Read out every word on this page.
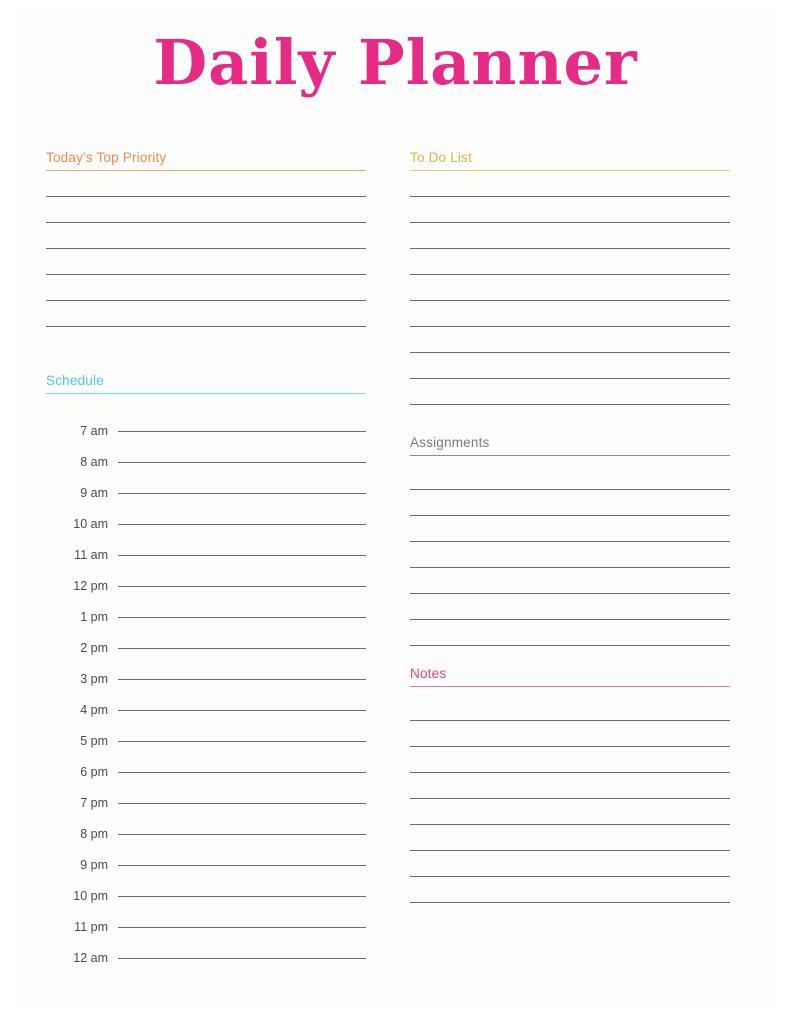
Daily Planner
Today's Top Priority
Schedule
7 am
8 am
9 am
10 am
11 am
12 pm
1 pm
2 pm
3 pm
4 pm
5 pm
6 pm
7 pm
8 pm
9 pm
10 pm
11 pm
12 am
To Do List
Assignments
Notes
